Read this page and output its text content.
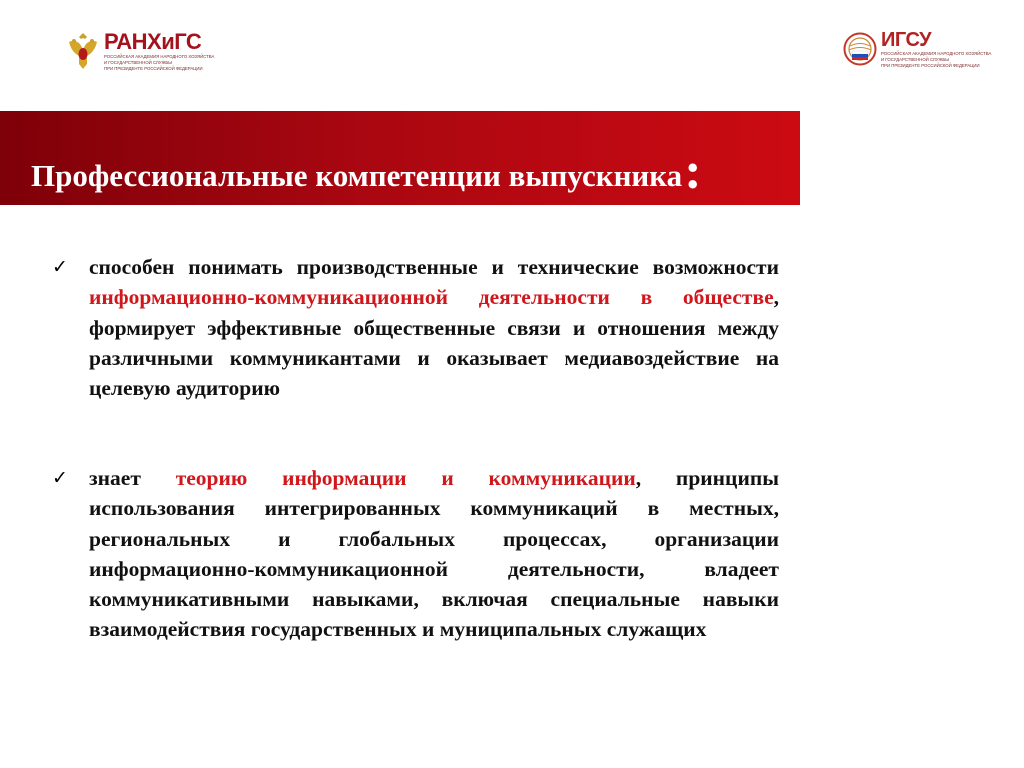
РАНХиГС
РОССИЙСКАЯ АКАДЕМИЯ НАРОДНОГО ХОЗЯЙСТВА
И ГОСУДАРСТВЕННОЙ СЛУЖБЫ
ПРИ ПРЕЗИДЕНТЕ РОССИЙСКОЙ ФЕДЕРАЦИИ
ИГСУ
РОССИЙСКАЯ АКАДЕМИЯ НАРОДНОГО ХОЗЯЙСТВА
И ГОСУДАРСТВЕННОЙ СЛУЖБЫ
ПРИ ПРЕЗИДЕНТЕ РОССИЙСКОЙ ФЕДЕРАЦИИ
Профессиональные компетенции выпускника:
✓ способен понимать производственные и технические возможности информационно-коммуникационной деятельности в обществе, формирует эффективные общественные связи и отношения между различными коммуникантами и оказывает медиавоздействие на целевую аудиторию

✓ знает теорию информации и коммуникации, принципы использования интегрированных коммуникаций в местных, региональных и глобальных процессах, организации информационно-коммуникационной деятельности, владеет коммуникативными навыками, включая специальные навыки взаимодействия государственных и муниципальных служащих
